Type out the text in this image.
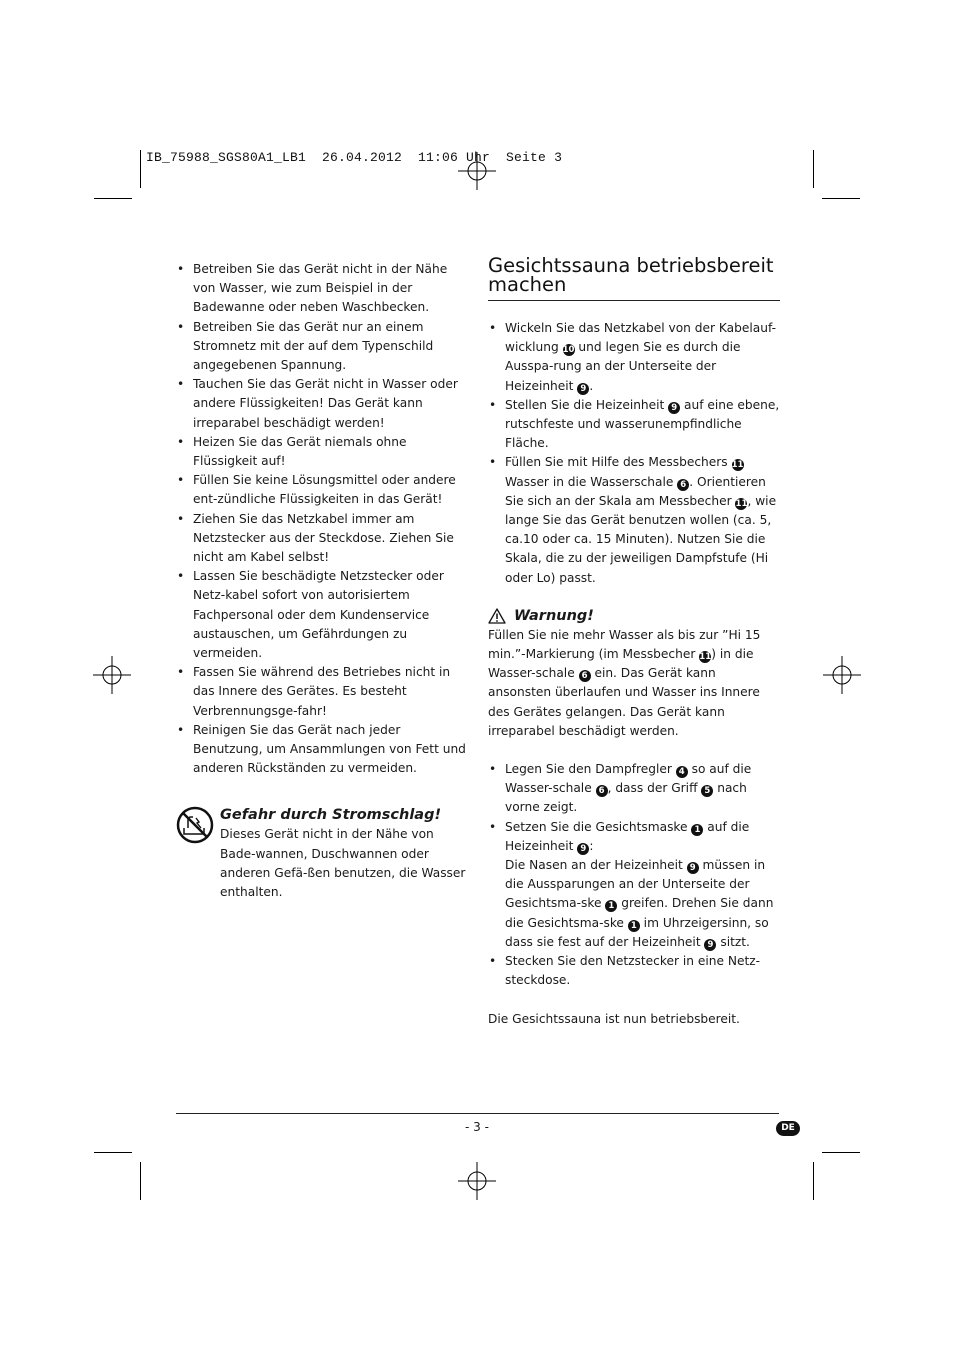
IB_75988_SGS80A1_LB1  26.04.2012  11:06 Uhr  Seite 3
• Betreiben Sie das Gerät nicht in der Nähe von Wasser, wie zum Beispiel in der Badewanne oder neben Waschbecken.
• Betreiben Sie das Gerät nur an einem Stromnetz mit der auf dem Typenschild angegebenen Spannung.
• Tauchen Sie das Gerät nicht in Wasser oder andere Flüssigkeiten! Das Gerät kann irreparabel beschädigt werden!
• Heizen Sie das Gerät niemals ohne Flüssigkeit auf!
• Füllen Sie keine Lösungsmittel oder andere ent-zündliche Flüssigkeiten in das Gerät!
• Ziehen Sie das Netzkabel immer am Netzstecker aus der Steckdose. Ziehen Sie nicht am Kabel selbst!
• Lassen Sie beschädigte Netzstecker oder Netz-kabel sofort von autorisiertem Fachpersonal oder dem Kundenservice austauschen, um Gefährdungen zu vermeiden.
• Fassen Sie während des Betriebes nicht in das Innere des Gerätes. Es besteht Verbrennungsge-fahr!
• Reinigen Sie das Gerät nach jeder Benutzung, um Ansammlungen von Fett und anderen Rückständen zu vermeiden.
Gefahr durch Stromschlag!
Dieses Gerät nicht in der Nähe von Bade-wannen, Duschwannen oder anderen Gefä-ßen benutzen, die Wasser enthalten.
Gesichtssauna betriebsbereit machen
• Wickeln Sie das Netzkabel von der Kabelauf-wicklung 10 und legen Sie es durch die Ausspa-rung an der Unterseite der Heizeinheit 9 .
• Stellen Sie die Heizeinheit 9 auf eine ebene, rutschfeste und wasserunempfindliche Fläche.
• Füllen Sie mit Hilfe des Messbechers 11 Wasser in die Wasserschale 6 . Orientieren Sie sich an der Skala am Messbecher 11, wie lange Sie das Gerät benutzen wollen (ca. 5, ca.10 oder ca. 15 Minuten). Nutzen Sie die Skala, die zu der jeweiligen Dampfstufe (Hi oder Lo) passt.
Warnung!
Füllen Sie nie mehr Wasser als bis zur ”Hi 15 min.”-Markierung (im Messbecher 11) in die Wasser-schale 6 ein. Das Gerät kann ansonsten überlaufen und Wasser ins Innere des Gerätes gelangen. Das Gerät kann irreparabel beschädigt werden.
• Legen Sie den Dampfregler 4 so auf die Wasser-schale 6 , dass der Griff 5 nach vorne zeigt.
• Setzen Sie die Gesichtsmaske 1 auf die Heizeinheit 9 :
Die Nasen an der Heizeinheit 9 müssen in die Aussparungen an der Unterseite der Gesichtsma-ske 1 greifen. Drehen Sie dann die Gesichtsma-ske 1 im Uhrzeigersinn, so dass sie fest auf der Heizeinheit 9 sitzt.
• Stecken Sie den Netzstecker in eine Netz-steckdose.
Die Gesichtssauna ist nun betriebsbereit.
- 3 -	DE
